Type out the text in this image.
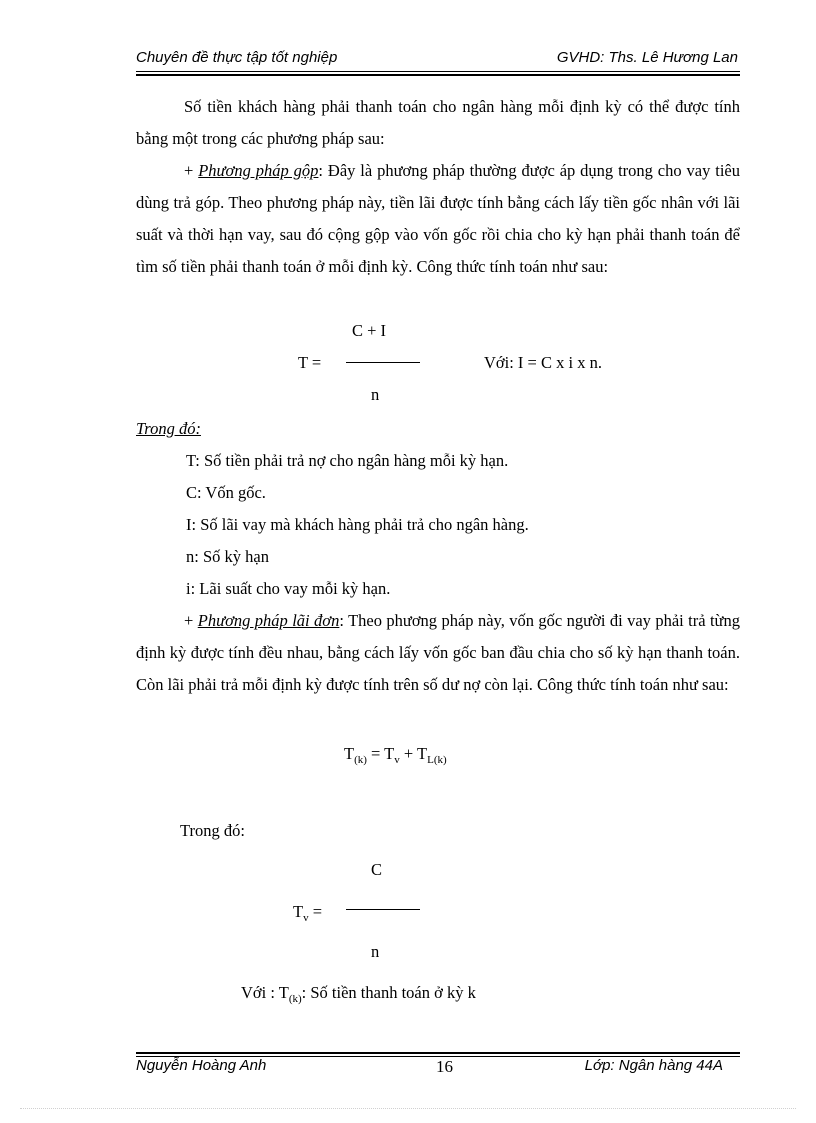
Chuyên đề thực tập tốt nghiệp	GVHD: Ths. Lê Hương Lan
Số tiền khách hàng phải thanh toán cho ngân hàng mỗi định kỳ có thể được tính bằng một trong các phương pháp sau:
+ Phương pháp gộp: Đây là phương pháp thường được áp dụng trong cho vay tiêu dùng trả góp. Theo phương pháp này, tiền lãi được tính bằng cách lấy tiền gốc nhân với lãi suất và thời hạn vay, sau đó cộng gộp vào vốn gốc rồi chia cho kỳ hạn phải thanh toán để tìm số tiền phải thanh toán ở mỗi định kỳ. Công thức tính toán như sau:
C + I
T =	Với: I = C x i x n.
n
Trong đó:
T: Số tiền phải trả nợ cho ngân hàng mỗi kỳ hạn.
C: Vốn gốc.
I: Số lãi vay mà khách hàng phải trả cho ngân hàng.
n: Số kỳ hạn
i: Lãi suất cho vay mỗi kỳ hạn.
+ Phương pháp lãi đơn: Theo phương pháp này, vốn gốc người đi vay phải trả từng định kỳ được tính đều nhau, bằng cách lấy vốn gốc ban đầu chia cho số kỳ hạn thanh toán. Còn lãi phải trả mỗi định kỳ được tính trên số dư nợ còn lại. Công thức tính toán như sau:
$T_{(k)} = T_v + T_{L(k)}$
Trong đó:
C
$T_v$ =
n
Với : $T_{(k)}$: Số tiền thanh toán ở kỳ k
Nguyễn Hoàng Anh	16	Lớp: Ngân hàng 44A
